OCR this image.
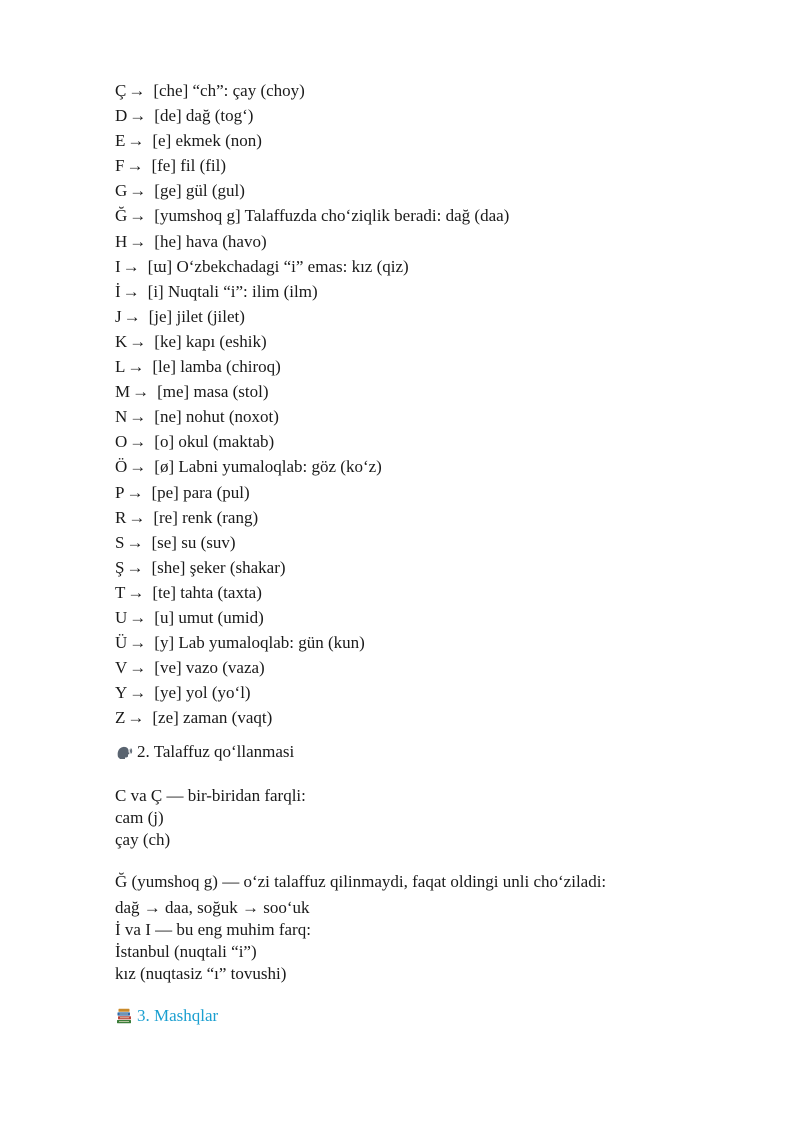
Ç → [che] “ch”: çay (choy)
D → [de] dağ (tog‘)
E → [e] ekmek (non)
F → [fe] fil (fil)
G → [ge] gül (gul)
Ğ → [yumshoq g] Talaffuzda cho‘ziqlik beradi: dağ (daa)
H → [he] hava (havo)
I → [ɯ] O‘zbekchadagi “i” emas: kız (qiz)
İ → [i] Nuqtali “i”: ilim (ilm)
J → [je] jilet (jilet)
K → [ke] kapı (eshik)
L → [le] lamba (chiroq)
M → [me] masa (stol)
N → [ne] nohut (noxot)
O → [o] okul (maktab)
Ö → [ø] Labni yumaloqlab: göz (ko‘z)
P → [pe] para (pul)
R → [re] renk (rang)
S → [se] su (suv)
Ş → [she] şeker (shakar)
T → [te] tahta (taxta)
U → [u] umut (umid)
Ü → [y] Lab yumaloqlab: gün (kun)
V → [ve] vazo (vaza)
Y → [ye] yol (yo‘l)
Z → [ze] zaman (vaqt)
2. Talaffuz qo‘llanmasi
C va Ç — bir-biridan farqli:
cam (j)
çay (ch)
Ğ (yumshoq g) — o‘zi talaffuz qilinmaydi, faqat oldingi unli cho‘ziladi:
dağ → daa, soğuk → soo‘uk
İ va I — bu eng muhim farq:
İstanbul (nuqtali “i”)
kız (nuqtasiz “ı” tovushi)
3. Mashqlar
